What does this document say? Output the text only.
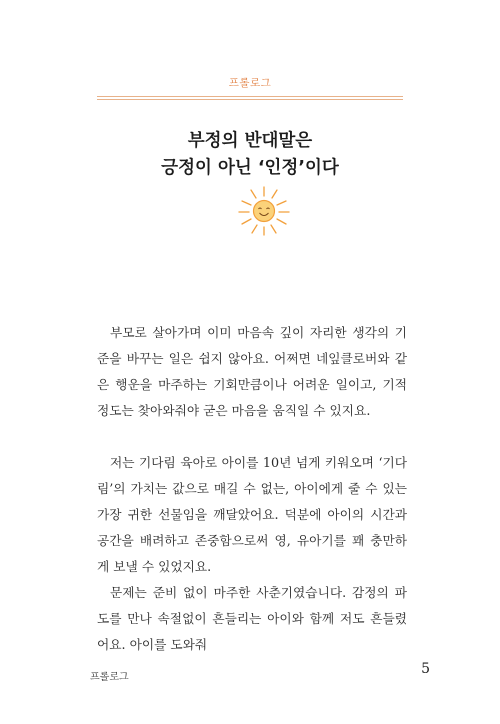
프롤로그
부정의 반대말은
긍정이 아닌 ‘인정’이다

부모로 살아가며 이미 마음속 깊이 자리한 생각의 기준을 바꾸는 일은 쉽지 않아요. 어쩌면 네잎클로버와 같은 행운을 마주하는 기회만큼이나 어려운 일이고, 기적 정도는 찾아와줘야 굳은 마음을 움직일 수 있지요.

저는 기다림 육아로 아이를 10년 넘게 키워오며 ‘기다림’의 가치는 값으로 매길 수 없는, 아이에게 줄 수 있는 가장 귀한 선물임을 깨달았어요. 덕분에 아이의 시간과 공간을 배려하고 존중함으로써 영, 유아기를 꽤 충만하게 보낼 수 있었지요.

문제는 준비 없이 마주한 사춘기였습니다. 감정의 파도를 만나 속절없이 흔들리는 아이와 함께 저도 흔들렸어요. 아이를 도와줘

프롤로그
5
